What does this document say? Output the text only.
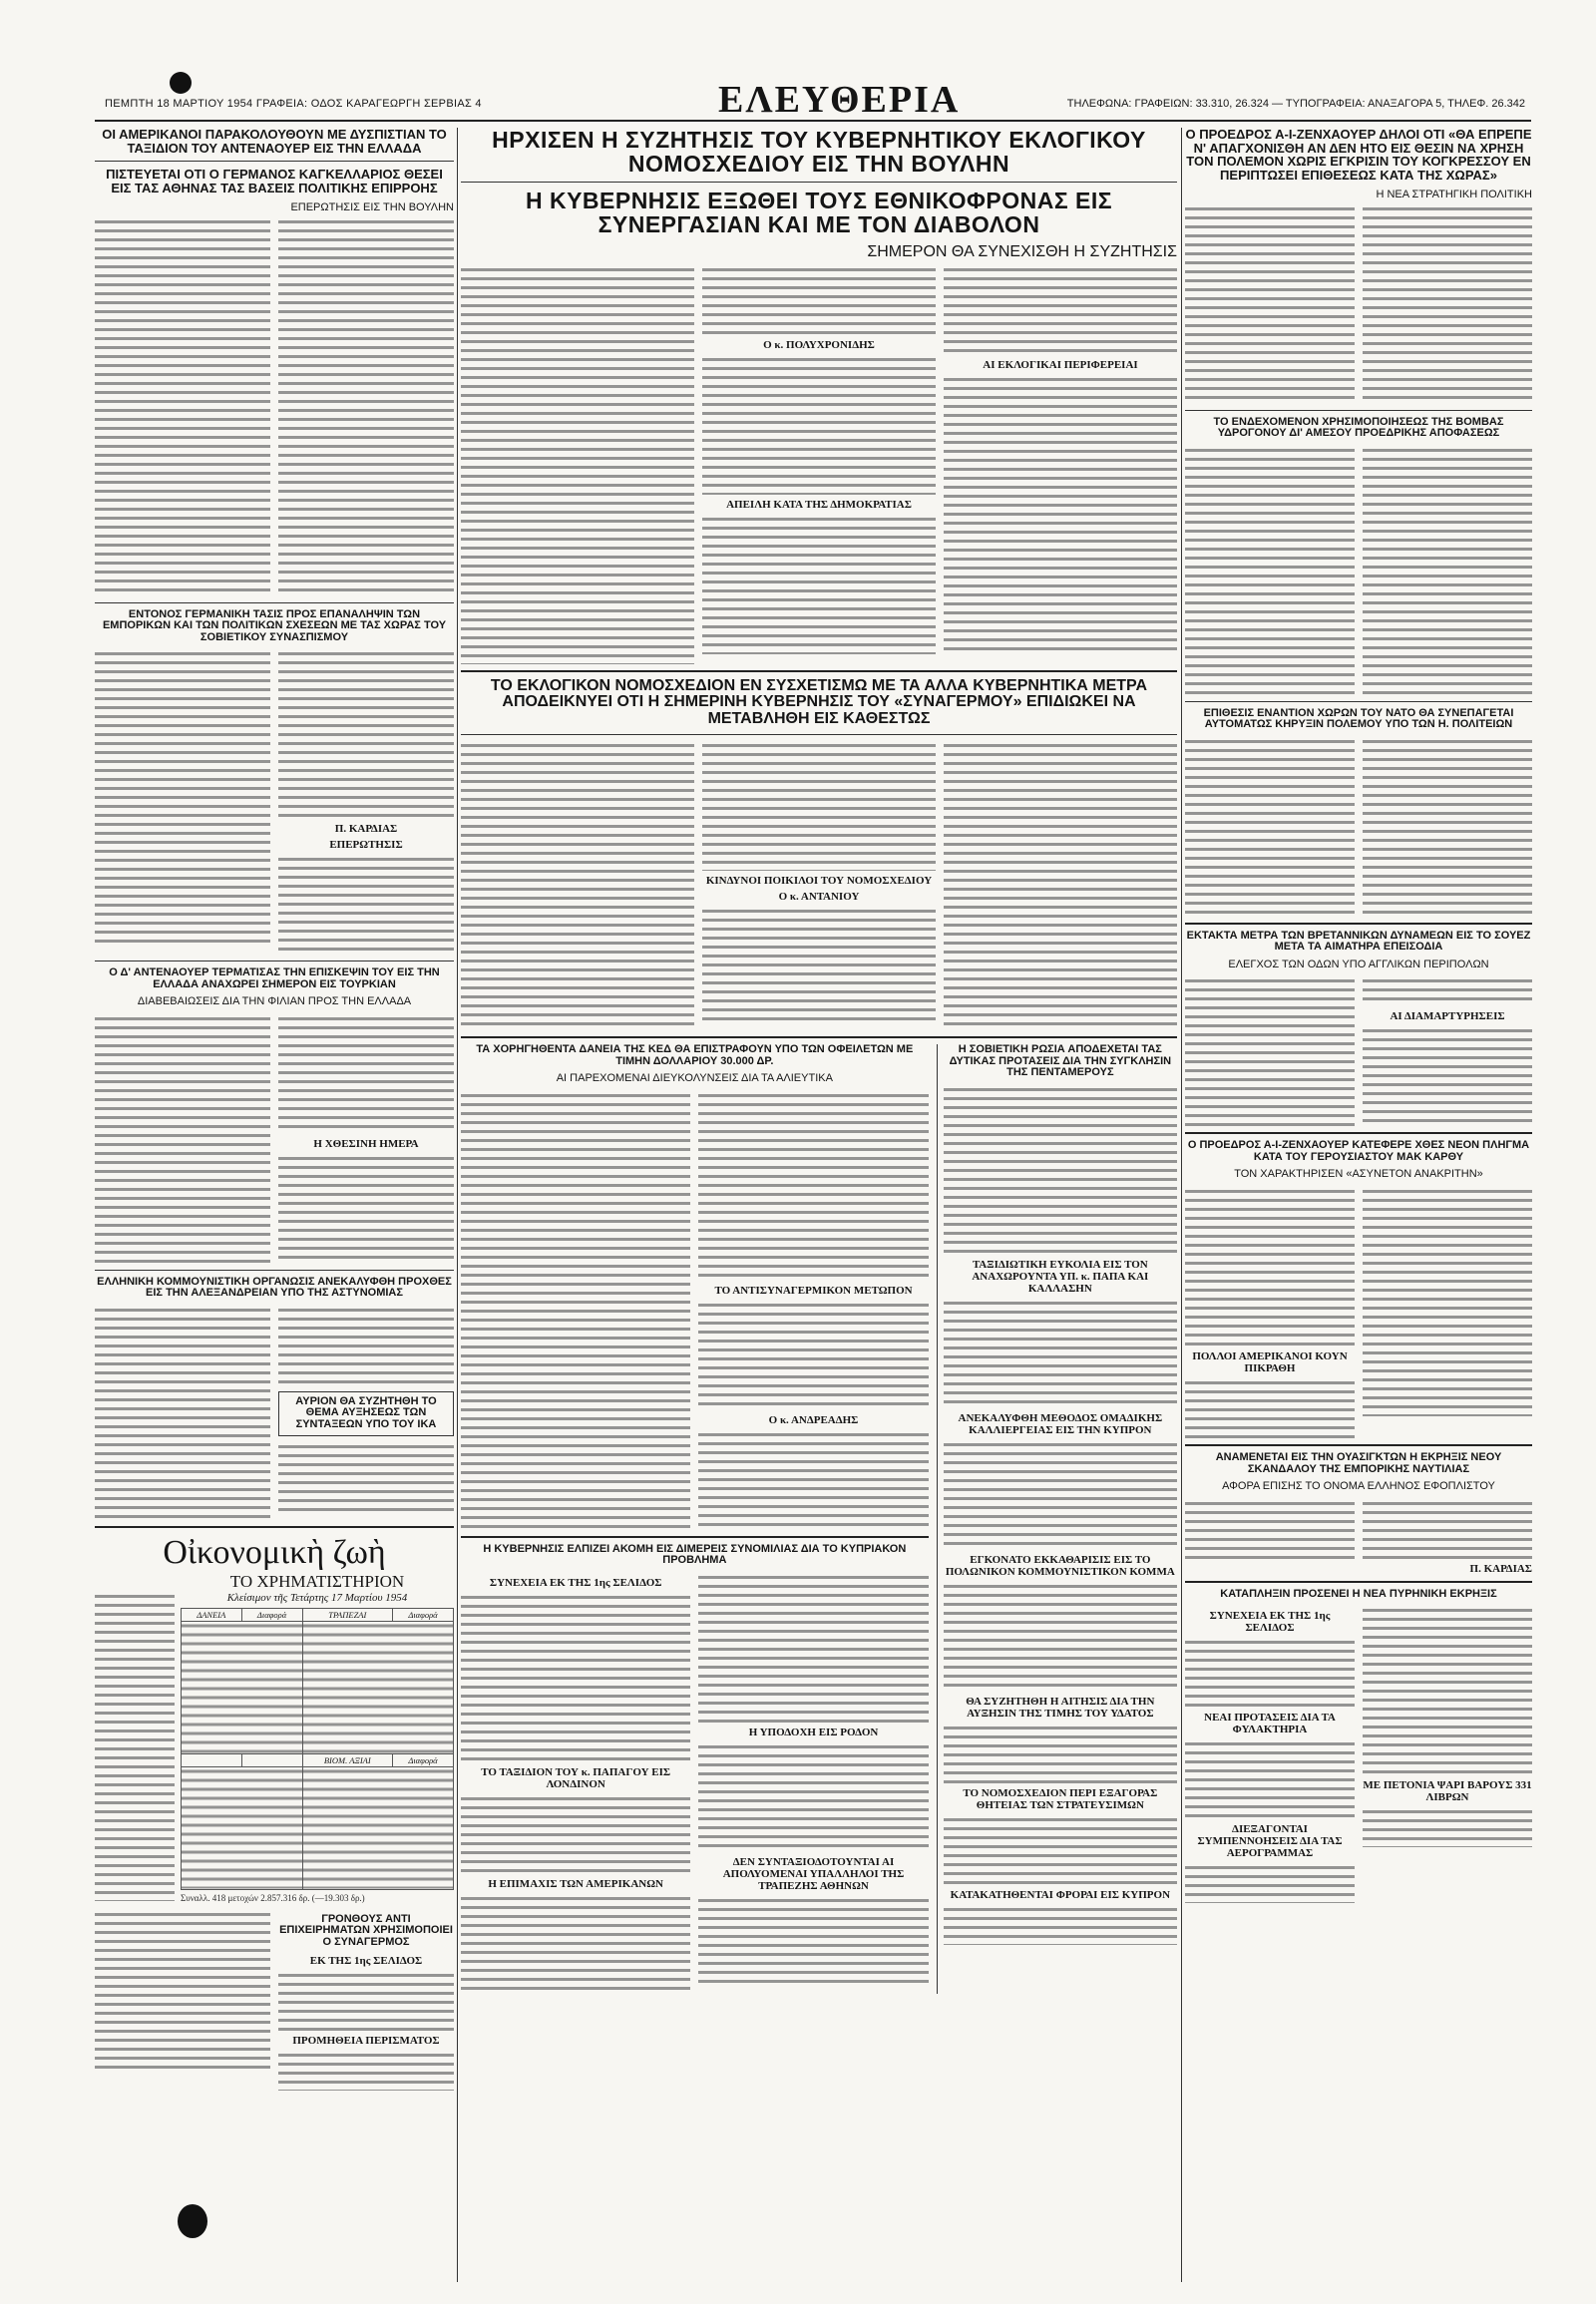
ΠΕΜΠΤΗ 18 ΜΑΡΤΙΟΥ 1954 ΓΡΑΦΕΙΑ: ΟΔΟΣ ΚΑΡΑΓΕΩΡΓΗ ΣΕΡΒΙΑΣ 4	ΕΛΕΥΘΕΡΙΑ	ΤΗΛΕΦΩΝΑ: ΓΡΑΦΕΙΩΝ: 33.310, 26.324 — ΤΥΠΟΓΡΑΦΕΙΑ: ΑΝΑΞΑΓΟΡΑ 5, ΤΗΛΕΦ. 26.342
ΟΙ ΑΜΕΡΙΚΑΝΟΙ ΠΑΡΑΚΟΛΟΥΘΟΥΝ ΜΕ ΔΥΣΠΙΣΤΙΑΝ ΤΟ ΤΑΞΙΔΙΟΝ ΤΟΥ ΑΝΤΕΝΑΟΥΕΡ ΕΙΣ ΤΗΝ ΕΛΛΑΔΑ
ΠΙΣΤΕΥΕΤΑΙ ΟΤΙ Ο ΓΕΡΜΑΝΟΣ ΚΑΓΚΕΛΛΑΡΙΟΣ ΘΕΣΕΙ ΕΙΣ ΤΑΣ ΑΘΗΝΑΣ ΤΑΣ ΒΑΣΕΙΣ ΠΟΛΙΤΙΚΗΣ ΕΠΙΡΡΟΗΣ
ΕΠΕΡΩΤΗΣΙΣ ΕΙΣ ΤΗΝ ΒΟΥΛΗΝ
ΕΝΤΟΝΟΣ ΓΕΡΜΑΝΙΚΗ ΤΑΣΙΣ ΠΡΟΣ ΕΠΑΝΑΛΗΨΙΝ ΤΩΝ ΕΜΠΟΡΙΚΩΝ ΚΑΙ ΤΩΝ ΠΟΛΙΤΙΚΩΝ ΣΧΕΣΕΩΝ ΜΕ ΤΑΣ ΧΩΡΑΣ ΤΟΥ ΣΟΒΙΕΤΙΚΟΥ ΣΥΝΑΣΠΙΣΜΟΥ
Π. ΚΑΡΔΙΑΣ
ΕΠΕΡΩΤΗΣΙΣ
Ο Δ' ΑΝΤΕΝΑΟΥΕΡ ΤΕΡΜΑΤΙΣΑΣ ΤΗΝ ΕΠΙΣΚΕΨΙΝ ΤΟΥ ΕΙΣ ΤΗΝ ΕΛΛΑΔΑ ΑΝΑΧΩΡΕΙ ΣΗΜΕΡΟΝ ΕΙΣ ΤΟΥΡΚΙΑΝ
ΔΙΑΒΕΒΑΙΩΣΕΙΣ ΔΙΑ ΤΗΝ ΦΙΛΙΑΝ ΠΡΟΣ ΤΗΝ ΕΛΛΑΔΑ
Η ΧΘΕΣΙΝΗ ΗΜΕΡΑ
ΕΛΛΗΝΙΚΗ ΚΟΜΜΟΥΝΙΣΤΙΚΗ ΟΡΓΑΝΩΣΙΣ ΑΝΕΚΑΛΥΦΘΗ ΠΡΟΧΘΕΣ ΕΙΣ ΤΗΝ ΑΛΕΞΑΝΔΡΕΙΑΝ ΥΠΟ ΤΗΣ ΑΣΤΥΝΟΜΙΑΣ
ΑΥΡΙΟΝ ΘΑ ΣΥΖΗΤΗΘΗ ΤΟ ΘΕΜΑ ΑΥΞΗΣΕΩΣ ΤΩΝ ΣΥΝΤΑΞΕΩΝ ΥΠΟ ΤΟΥ ΙΚΑ
Οἰκονομικὴ ζωὴ
ΤΟ ΧΡΗΜΑΤΙΣΤΗΡΙΟΝ
Κλείσιμον τῆς Τετάρτης 17 Μαρτίου 1954
ΔΑΝΕΙΑ	Διαφορά	ΤΡΑΠΕΖΑΙ	Διαφορά

		ΒΙΟΜ. ΑΞΙΑΙ	Διαφορά

Συναλλ. 418 μετοχών 2.857.316 δρ. (—19.303 δρ.)
ΓΡΟΝΘΟΥΣ ΑΝΤΙ ΕΠΙΧΕΙΡΗΜΑΤΩΝ ΧΡΗΣΙΜΟΠΟΙΕΙ Ο ΣΥΝΑΓΕΡΜΟΣ
ΕΚ ΤΗΣ 1ης ΣΕΛΙΔΟΣ
ΠΡΟΜΗΘΕΙΑ ΠΕΡΙΣΜΑΤΟΣ
ΗΡΧΙΣΕΝ Η ΣΥΖΗΤΗΣΙΣ ΤΟΥ ΚΥΒΕΡΝΗΤΙΚΟΥ ΕΚΛΟΓΙΚΟΥ ΝΟΜΟΣΧΕΔΙΟΥ ΕΙΣ ΤΗΝ ΒΟΥΛΗΝ
Η ΚΥΒΕΡΝΗΣΙΣ ΕΞΩΘΕΙ ΤΟΥΣ ΕΘΝΙΚΟΦΡΟΝΑΣ ΕΙΣ ΣΥΝΕΡΓΑΣΙΑΝ ΚΑΙ ΜΕ ΤΟΝ ΔΙΑΒΟΛΟΝ
ΣΗΜΕΡΟΝ ΘΑ ΣΥΝΕΧΙΣΘΗ Η ΣΥΖΗΤΗΣΙΣ
Ο κ. ΠΟΛΥΧΡΟΝΙΔΗΣ
ΑΠΕΙΛΗ ΚΑΤΑ ΤΗΣ ΔΗΜΟΚΡΑΤΙΑΣ
ΑΙ ΕΚΛΟΓΙΚΑΙ ΠΕΡΙΦΕΡΕΙΑΙ
ΤΟ ΕΚΛΟΓΙΚΟΝ ΝΟΜΟΣΧΕΔΙΟΝ ΕΝ ΣΥΣΧΕΤΙΣΜΩ ΜΕ ΤΑ ΑΛΛΑ ΚΥΒΕΡΝΗΤΙΚΑ ΜΕΤΡΑ ΑΠΟΔΕΙΚΝΥΕΙ ΟΤΙ Η ΣΗΜΕΡΙΝΗ ΚΥΒΕΡΝΗΣΙΣ ΤΟΥ «ΣΥΝΑΓΕΡΜΟΥ» ΕΠΙΔΙΩΚΕΙ ΝΑ ΜΕΤΑΒΛΗΘΗ ΕΙΣ ΚΑΘΕΣΤΩΣ
ΚΙΝΔΥΝΟΙ ΠΟΙΚΙΛΟΙ ΤΟΥ ΝΟΜΟΣΧΕΔΙΟΥ
Ο κ. ΑΝΤΑΝΙΟΥ
ΤΑ ΧΟΡΗΓΗΘΕΝΤΑ ΔΑΝΕΙΑ ΤΗΣ ΚΕΔ ΘΑ ΕΠΙΣΤΡΑΦΟΥΝ ΥΠΟ ΤΩΝ ΟΦΕΙΛΕΤΩΝ ΜΕ ΤΙΜΗΝ ΔΟΛΛΑΡΙΟΥ 30.000 ΔΡ.
ΑΙ ΠΑΡΕΧΟΜΕΝΑΙ ΔΙΕΥΚΟΛΥΝΣΕΙΣ ΔΙΑ ΤΑ ΑΛΙΕΥΤΙΚΑ
ΤΟ ΑΝΤΙΣΥΝΑΓΕΡΜΙΚΟΝ ΜΕΤΩΠΟΝ
Ο κ. ΑΝΔΡΕΑΔΗΣ
Η ΚΥΒΕΡΝΗΣΙΣ ΕΛΠΙΖΕΙ ΑΚΟΜΗ ΕΙΣ ΔΙΜΕΡΕΙΣ ΣΥΝΟΜΙΛΙΑΣ ΔΙΑ ΤΟ ΚΥΠΡΙΑΚΟΝ ΠΡΟΒΛΗΜΑ
ΣΥΝΕΧΕΙΑ ΕΚ ΤΗΣ 1ης ΣΕΛΙΔΟΣ
ΤΟ ΤΑΞΙΔΙΟΝ ΤΟΥ κ. ΠΑΠΑΓΟΥ ΕΙΣ ΛΟΝΔΙΝΟΝ
Η ΕΠΙΜΑΧΙΣ ΤΩΝ ΑΜΕΡΙΚΑΝΩΝ
Η ΥΠΟΔΟΧΗ ΕΙΣ ΡΟΔΟΝ
ΔΕΝ ΣΥΝΤΑΞΙΟΔΟΤΟΥΝΤΑΙ ΑΙ ΑΠΟΛΥΟΜΕΝΑΙ ΥΠΑΛΛΗΛΟΙ ΤΗΣ ΤΡΑΠΕΖΗΣ ΑΘΗΝΩΝ
Η ΣΟΒΙΕΤΙΚΗ ΡΩΣΙΑ ΑΠΟΔΕΧΕΤΑΙ ΤΑΣ ΔΥΤΙΚΑΣ ΠΡΟΤΑΣΕΙΣ ΔΙΑ ΤΗΝ ΣΥΓΚΛΗΣΙΝ ΤΗΣ ΠΕΝΤΑΜΕΡΟΥΣ
ΤΑΞΙΔΙΩΤΙΚΗ ΕΥΚΟΛΙΑ ΕΙΣ ΤΟΝ ΑΝΑΧΩΡΟΥΝΤΑ ΥΠ. κ. ΠΑΠΑ ΚΑΙ ΚΑΛΛΑΣΗΝ
ΑΝΕΚΑΛΥΦΘΗ ΜΕΘΟΔΟΣ ΟΜΑΔΙΚΗΣ ΚΑΛΛΙΕΡΓΕΙΑΣ ΕΙΣ ΤΗΝ ΚΥΠΡΟΝ
ΕΓΚΟΝΑΤΟ ΕΚΚΑΘΑΡΙΣΙΣ ΕΙΣ ΤΟ ΠΟΛΩΝΙΚΟΝ ΚΟΜΜΟΥΝΙΣΤΙΚΟΝ ΚΟΜΜΑ
ΘΑ ΣΥΖΗΤΗΘΗ Η ΑΙΤΗΣΙΣ ΔΙΑ ΤΗΝ ΑΥΞΗΣΙΝ ΤΗΣ ΤΙΜΗΣ ΤΟΥ ΥΔΑΤΟΣ
ΤΟ ΝΟΜΟΣΧΕΔΙΟΝ ΠΕΡΙ ΕΞΑΓΟΡΑΣ ΘΗΤΕΙΑΣ ΤΩΝ ΣΤΡΑΤΕΥΣΙΜΩΝ
ΚΑΤΑΚΑΤΗΘΕΝΤΑΙ ΦΡΟΡΑΙ ΕΙΣ ΚΥΠΡΟΝ
Ο ΠΡΟΕΔΡΟΣ Α-Ι-ΖΕΝΧΑΟΥΕΡ ΔΗΛΟΙ ΟΤΙ «ΘΑ ΕΠΡΕΠΕ Ν' ΑΠΑΓΧΟΝΙΣΘΗ ΑΝ ΔΕΝ ΗΤΟ ΕΙΣ ΘΕΣΙΝ ΝΑ ΧΡΗΣΗ ΤΟΝ ΠΟΛΕΜΟΝ ΧΩΡΙΣ ΕΓΚΡΙΣΙΝ ΤΟΥ ΚΟΓΚΡΕΣΣΟΥ ΕΝ ΠΕΡΙΠΤΩΣΕΙ ΕΠΙΘΕΣΕΩΣ ΚΑΤΑ ΤΗΣ ΧΩΡΑΣ»
Η ΝΕΑ ΣΤΡΑΤΗΓΙΚΗ ΠΟΛΙΤΙΚΗ
ΤΟ ΕΝΔΕΧΟΜΕΝΟΝ ΧΡΗΣΙΜΟΠΟΙΗΣΕΩΣ ΤΗΣ ΒΟΜΒΑΣ ΥΔΡΟΓΟΝΟΥ ΔΙ' ΑΜΕΣΟΥ ΠΡΟΕΔΡΙΚΗΣ ΑΠΟΦΑΣΕΩΣ
ΕΠΙΘΕΣΙΣ ΕΝΑΝΤΙΟΝ ΧΩΡΩΝ ΤΟΥ ΝΑΤΟ ΘΑ ΣΥΝΕΠΑΓΕΤΑΙ ΑΥΤΟΜΑΤΩΣ ΚΗΡΥΞΙΝ ΠΟΛΕΜΟΥ ΥΠΟ ΤΩΝ Η. ΠΟΛΙΤΕΙΩΝ
ΕΚΤΑΚΤΑ ΜΕΤΡΑ ΤΩΝ ΒΡΕΤΑΝΝΙΚΩΝ ΔΥΝΑΜΕΩΝ ΕΙΣ ΤΟ ΣΟΥΕΖ ΜΕΤΑ ΤΑ ΑΙΜΑΤΗΡΑ ΕΠΕΙΣΟΔΙΑ
ΕΛΕΓΧΟΣ ΤΩΝ ΟΔΩΝ ΥΠΟ ΑΓΓΛΙΚΩΝ ΠΕΡΙΠΟΛΩΝ
ΑΙ ΔΙΑΜΑΡΤΥΡΗΣΕΙΣ
Ο ΠΡΟΕΔΡΟΣ Α-Ι-ΖΕΝΧΑΟΥΕΡ ΚΑΤΕΦΕΡΕ ΧΘΕΣ ΝΕΟΝ ΠΛΗΓΜΑ ΚΑΤΑ ΤΟΥ ΓΕΡΟΥΣΙΑΣΤΟΥ ΜΑΚ ΚΑΡΘΥ
ΤΟΝ ΧΑΡΑΚΤΗΡΙΣΕΝ «ΑΣΥΝΕΤΟΝ ΑΝΑΚΡΙΤΗΝ»
ΠΟΛΛΟΙ ΑΜΕΡΙΚΑΝΟΙ ΚΟΥΝ ΠΙΚΡΑΘΗ
ΑΝΑΜΕΝΕΤΑΙ ΕΙΣ ΤΗΝ ΟΥΑΣΙΓΚΤΩΝ Η ΕΚΡΗΞΙΣ ΝΕΟΥ ΣΚΑΝΔΑΛΟΥ ΤΗΣ ΕΜΠΟΡΙΚΗΣ ΝΑΥΤΙΛΙΑΣ
ΑΦΟΡΑ ΕΠΙΣΗΣ ΤΟ ΟΝΟΜΑ ΕΛΛΗΝΟΣ ΕΦΟΠΛΙΣΤΟΥ
Π. ΚΑΡΔΙΑΣ
ΚΑΤΑΠΛΗΞΙΝ ΠΡΟΣΕΝΕΙ Η ΝΕΑ ΠΥΡΗΝΙΚΗ ΕΚΡΗΞΙΣ
ΣΥΝΕΧΕΙΑ ΕΚ ΤΗΣ 1ης ΣΕΛΙΔΟΣ
ΝΕΑΙ ΠΡΟΤΑΣΕΙΣ ΔΙΑ ΤΑ ΦΥΛΑΚΤΗΡΙΑ
ΔΙΕΞΑΓΟΝΤΑΙ ΣΥΜΠΕΝΝΟΗΣΕΙΣ ΔΙΑ ΤΑΣ ΑΕΡΟΓΡΑΜΜΑΣ
ΜΕ ΠΕΤΟΝΙΑ ΨΑΡΙ ΒΑΡΟΥΣ 331 ΛΙΒΡΩΝ
